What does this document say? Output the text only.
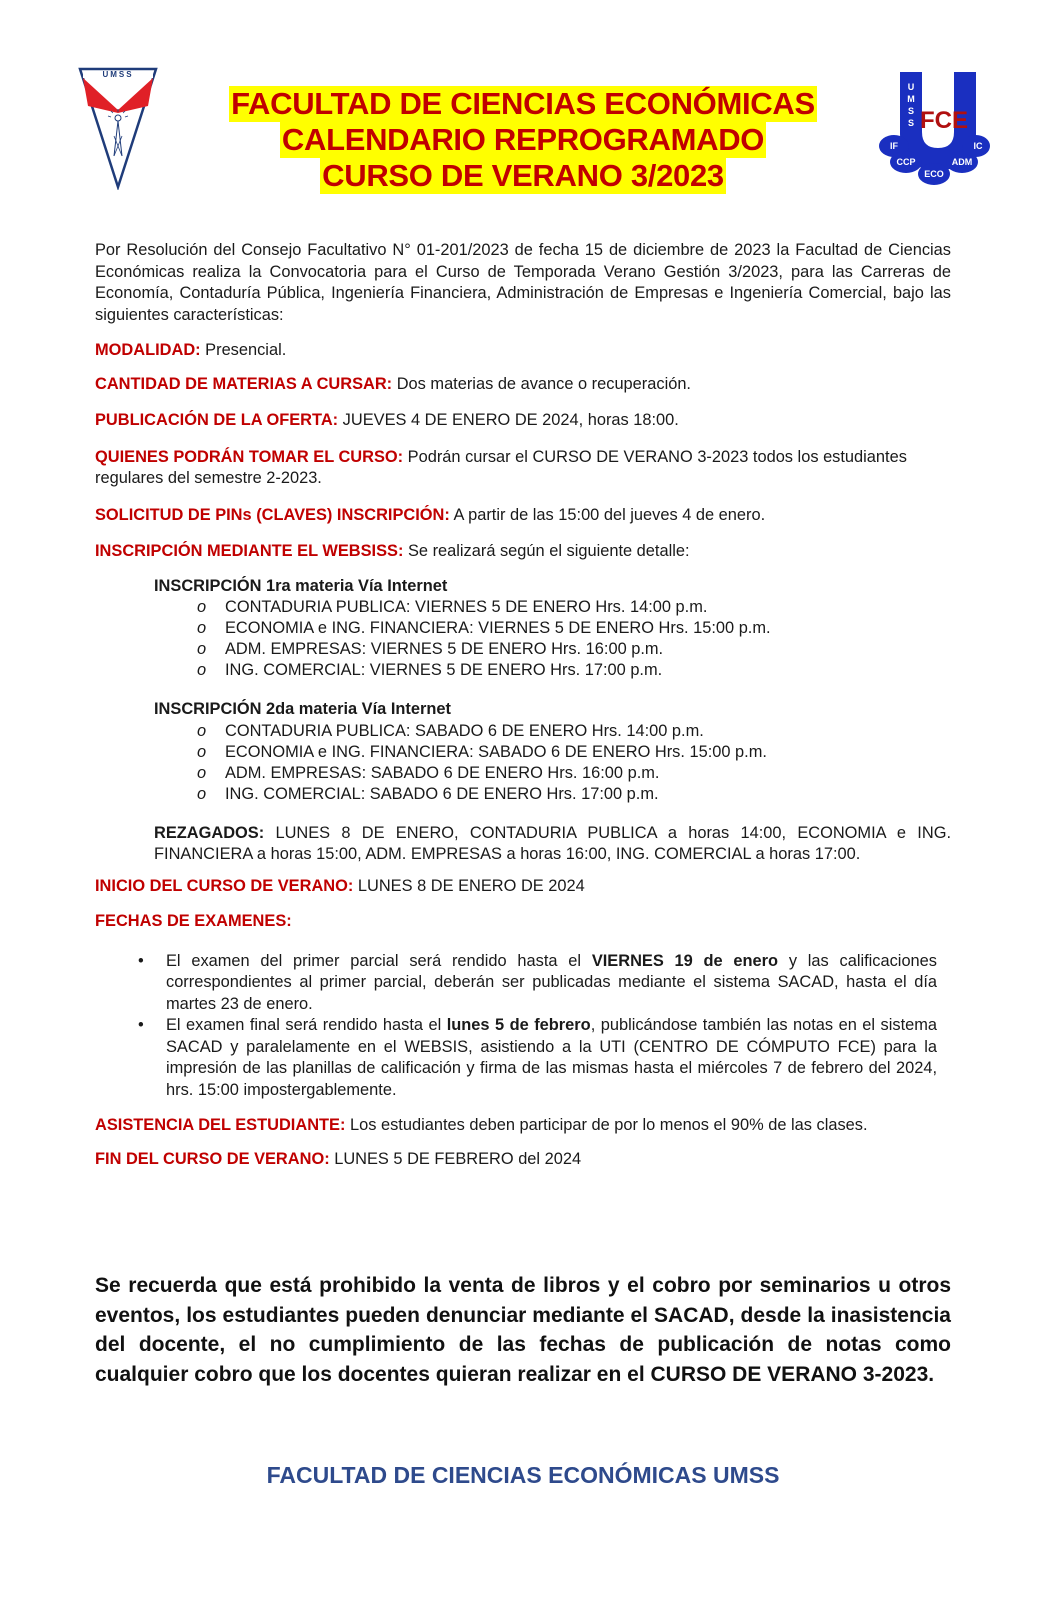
UMSS
U
M
S
S FCE
IF
CCP
ECO
ADM
IC
FACULTAD DE CIENCIAS ECONÓMICAS
CALENDARIO REPROGRAMADO
CURSO DE VERANO 3/2023

Por Resolución del Consejo Facultativo N° 01-201/2023 de fecha 15 de diciembre de 2023 la Facultad de Ciencias Económicas realiza la Convocatoria para el Curso de Temporada Verano Gestión 3/2023, para las Carreras de Economía, Contaduría Pública, Ingeniería Financiera, Administración de Empresas e Ingeniería Comercial, bajo las siguientes características:

MODALIDAD: Presencial.

CANTIDAD DE MATERIAS A CURSAR: Dos materias de avance o recuperación.

PUBLICACIÓN DE LA OFERTA: JUEVES 4 DE ENERO DE 2024, horas 18:00.

QUIENES PODRÁN TOMAR EL CURSO: Podrán cursar el CURSO DE VERANO 3-2023 todos los estudiantes regulares del semestre 2-2023.

SOLICITUD DE PINs (CLAVES) INSCRIPCIÓN: A partir de las 15:00 del jueves 4 de enero.

INSCRIPCIÓN MEDIANTE EL WEBSISS: Se realizará según el siguiente detalle:

INSCRIPCIÓN 1ra materia Vía Internet
o CONTADURIA PUBLICA: VIERNES 5 DE ENERO Hrs. 14:00 p.m.
o ECONOMIA e ING. FINANCIERA: VIERNES 5 DE ENERO Hrs. 15:00 p.m.
o ADM. EMPRESAS: VIERNES 5 DE ENERO Hrs. 16:00 p.m.
o ING. COMERCIAL: VIERNES 5 DE ENERO Hrs. 17:00 p.m.
INSCRIPCIÓN 2da materia Vía Internet
o CONTADURIA PUBLICA: SABADO 6 DE ENERO Hrs. 14:00 p.m.
o ECONOMIA e ING. FINANCIERA: SABADO 6 DE ENERO Hrs. 15:00 p.m.
o ADM. EMPRESAS: SABADO 6 DE ENERO Hrs. 16:00 p.m.
o ING. COMERCIAL: SABADO 6 DE ENERO Hrs. 17:00 p.m.

REZAGADOS: LUNES 8 DE ENERO, CONTADURIA PUBLICA a horas 14:00, ECONOMIA e ING. FINANCIERA a horas 15:00, ADM. EMPRESAS a horas 16:00, ING. COMERCIAL a horas 17:00.

INICIO DEL CURSO DE VERANO: LUNES 8 DE ENERO DE 2024

FECHAS DE EXAMENES:

• El examen del primer parcial será rendido hasta el VIERNES 19 de enero y las calificaciones correspondientes al primer parcial, deberán ser publicadas mediante el sistema SACAD, hasta el día martes 23 de enero.
• El examen final será rendido hasta el lunes 5 de febrero, publicándose también las notas en el sistema SACAD y paralelamente en el WEBSIS, asistiendo a la UTI (CENTRO DE CÓMPUTO FCE) para la impresión de las planillas de calificación y firma de las mismas hasta el miércoles 7 de febrero del 2024, hrs. 15:00 impostergablemente.

ASISTENCIA DEL ESTUDIANTE: Los estudiantes deben participar de por lo menos el 90% de las clases.

FIN DEL CURSO DE VERANO: LUNES 5 DE FEBRERO del 2024

Se recuerda que está prohibido la venta de libros y el cobro por seminarios u otros eventos, los estudiantes pueden denunciar mediante el SACAD, desde la inasistencia del docente, el no cumplimiento de las fechas de publicación de notas como cualquier cobro que los docentes quieran realizar en el CURSO DE VERANO 3-2023.
FACULTAD DE CIENCIAS ECONÓMICAS UMSS
